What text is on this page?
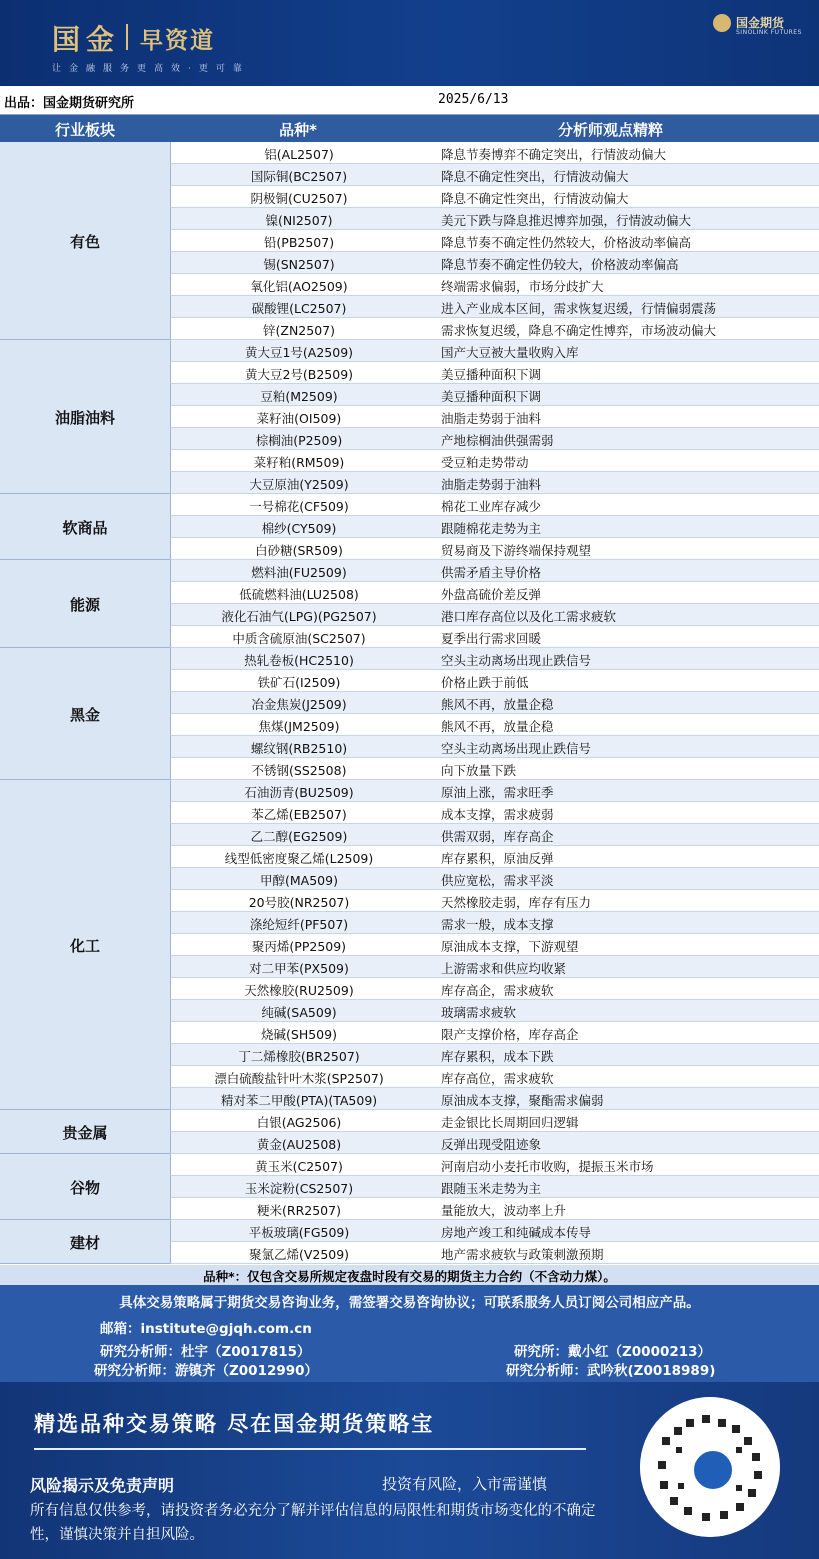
国金 早资道
让金融服务更高效·更可靠
国金期货
SINOLINK FUTURES
出品：国金期货研究所	2025/6/13
行业板块	品种*	分析师观点精粹
有色
铝(AL2507)	降息节奏博弈不确定突出，行情波动偏大
国际铜(BC2507)	降息不确定性突出，行情波动偏大
阴极铜(CU2507)	降息不确定性突出，行情波动偏大
镍(NI2507)	美元下跌与降息推迟博弈加强，行情波动偏大
铅(PB2507)	降息节奏不确定性仍然较大，价格波动率偏高
锡(SN2507)	降息节奏不确定性仍较大，价格波动率偏高
氧化铝(AO2509)	终端需求偏弱，市场分歧扩大
碳酸锂(LC2507)	进入产业成本区间，需求恢复迟缓，行情偏弱震荡
锌(ZN2507)	需求恢复迟缓，降息不确定性博弈，市场波动偏大
油脂油料
黄大豆1号(A2509)	国产大豆被大量收购入库
黄大豆2号(B2509)	美豆播种面积下调
豆粕(M2509)	美豆播种面积下调
菜籽油(OI509)	油脂走势弱于油料
棕榈油(P2509)	产地棕榈油供强需弱
菜籽粕(RM509)	受豆粕走势带动
大豆原油(Y2509)	油脂走势弱于油料
软商品
一号棉花(CF509)	棉花工业库存减少
棉纱(CY509)	跟随棉花走势为主
白砂糖(SR509)	贸易商及下游终端保持观望
能源
燃料油(FU2509)	供需矛盾主导价格
低硫燃料油(LU2508)	外盘高硫价差反弹
液化石油气(LPG)(PG2507)	港口库存高位以及化工需求疲软
中质含硫原油(SC2507)	夏季出行需求回暖
黑金
热轧卷板(HC2510)	空头主动离场出现止跌信号
铁矿石(I2509)	价格止跌于前低
冶金焦炭(J2509)	熊风不再，放量企稳
焦煤(JM2509)	熊风不再，放量企稳
螺纹钢(RB2510)	空头主动离场出现止跌信号
不锈钢(SS2508)	向下放量下跌
化工
石油沥青(BU2509)	原油上涨，需求旺季
苯乙烯(EB2507)	成本支撑，需求疲弱
乙二醇(EG2509)	供需双弱，库存高企
线型低密度聚乙烯(L2509)	库存累积，原油反弹
甲醇(MA509)	供应宽松，需求平淡
20号胶(NR2507)	天然橡胶走弱，库存有压力
涤纶短纤(PF507)	需求一般，成本支撑
聚丙烯(PP2509)	原油成本支撑，下游观望
对二甲苯(PX509)	上游需求和供应均收紧
天然橡胶(RU2509)	库存高企，需求疲软
纯碱(SA509)	玻璃需求疲软
烧碱(SH509)	限产支撑价格，库存高企
丁二烯橡胶(BR2507)	库存累积，成本下跌
漂白硫酸盐针叶木浆(SP2507)	库存高位，需求疲软
精对苯二甲酸(PTA)(TA509)	原油成本支撑，聚酯需求偏弱
贵金属
白银(AG2506)	走金银比长周期回归逻辑
黄金(AU2508)	反弹出现受阻迹象
谷物
黄玉米(C2507)	河南启动小麦托市收购，提振玉米市场
玉米淀粉(CS2507)	跟随玉米走势为主
粳米(RR2507)	量能放大，波动率上升
建材
平板玻璃(FG509)	房地产竣工和纯碱成本传导
聚氯乙烯(V2509)	地产需求疲软与政策刺激预期
品种*：仅包含交易所规定夜盘时段有交易的期货主力合约（不含动力煤）。
具体交易策略属于期货交易咨询业务，需签署交易咨询协议；可联系服务人员订阅公司相应产品。
邮箱：institute@gjqh.com.cn
研究分析师：杜宇（Z0017815）
研究分析师：游镇齐（Z0012990）
研究所：戴小红（Z0000213）
研究分析师：武吟秋(Z0018989)
精选品种交易策略 尽在国金期货策略宝
风险揭示及免责声明	投资有风险，入市需谨慎
所有信息仅供参考，请投资者务必充分了解并评估信息的局限性和期货市场变化的不确定性，谨慎决策并自担风险。
